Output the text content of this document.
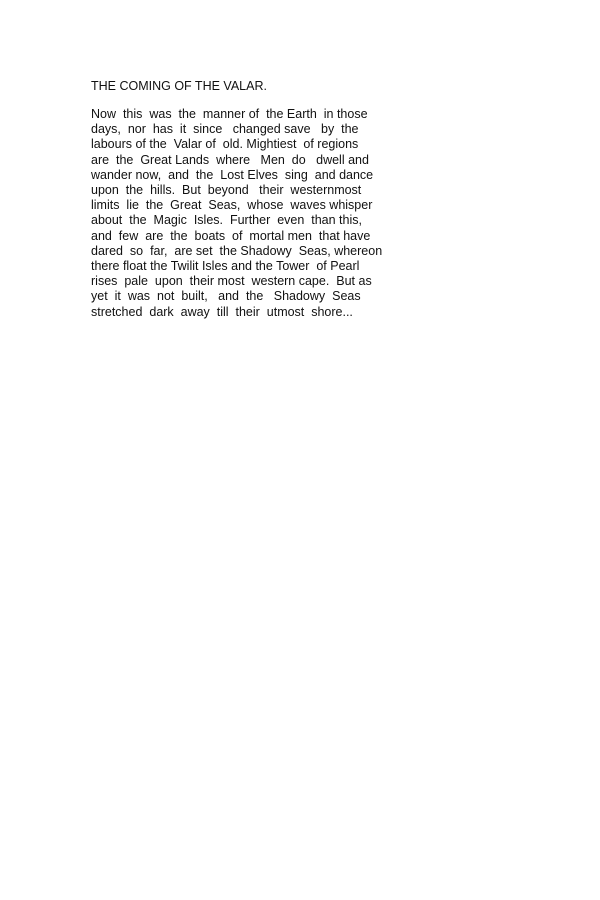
THE COMING OF THE VALAR.
Now  this  was  the  manner of  the Earth  in those
days,  nor  has  it  since   changed save   by  the
labours of the  Valar of  old. Mightiest  of regions
are  the  Great Lands  where   Men  do   dwell and
wander now,  and  the  Lost Elves  sing  and dance
upon  the  hills.  But  beyond   their  westernmost
limits  lie  the  Great  Seas,  whose  waves whisper
about  the  Magic  Isles.  Further  even  than this,
and  few  are  the  boats  of  mortal men  that have
dared  so  far,  are set  the Shadowy  Seas, whereon
there float the Twilit Isles and the Tower  of Pearl
rises  pale  upon  their most  western cape.  But as
yet  it  was  not  built,   and  the   Shadowy  Seas
stretched  dark  away  till  their  utmost  shore...
